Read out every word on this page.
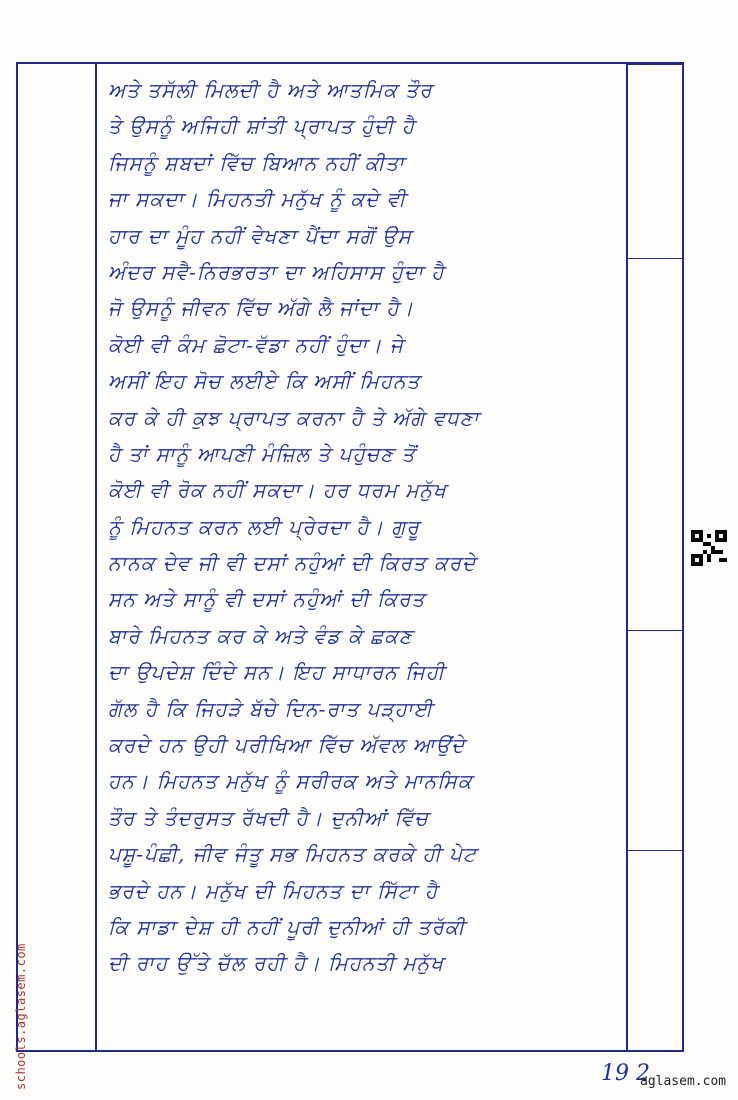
ਅਤੇ ਤਸੱਲੀ ਮਿਲਦੀ ਹੈ ਅਤੇ ਆਤਮਿਕ ਤੌਰ
ਤੇ ਉਸਨੂੰ ਅਜਿਹੀ ਸ਼ਾਂਤੀ ਪ੍ਰਾਪਤ ਹੁੰਦੀ ਹੈ
ਜਿਸਨੂੰ ਸ਼ਬਦਾਂ ਵਿੱਚ ਬਿਆਨ ਨਹੀਂ ਕੀਤਾ
ਜਾ ਸਕਦਾ। ਮਿਹਨਤੀ ਮਨੁੱਖ ਨੂੰ ਕਦੇ ਵੀ
ਹਾਰ ਦਾ ਮੂੰਹ ਨਹੀਂ ਵੇਖਣਾ ਪੈਂਦਾ ਸਗੋਂ ਉਸ
ਅੰਦਰ ਸਵੈ-ਨਿਰਭਰਤਾ ਦਾ ਅਹਿਸਾਸ ਹੁੰਦਾ ਹੈ
ਜੋ ਉਸਨੂੰ ਜੀਵਨ ਵਿੱਚ ਅੱਗੇ ਲੈ ਜਾਂਦਾ ਹੈ।
ਕੋਈ ਵੀ ਕੰਮ ਛੋਟਾ-ਵੱਡਾ ਨਹੀਂ ਹੁੰਦਾ। ਜੇ
ਅਸੀਂ ਇਹ ਸੋਚ ਲਈਏ ਕਿ ਅਸੀਂ ਮਿਹਨਤ
ਕਰ ਕੇ ਹੀ ਕੁਝ ਪ੍ਰਾਪਤ ਕਰਨਾ ਹੈ ਤੇ ਅੱਗੇ ਵਧਣਾ
ਹੈ ਤਾਂ ਸਾਨੂੰ ਆਪਣੀ ਮੰਜ਼ਿਲ ਤੇ ਪਹੁੰਚਣ ਤੋਂ
ਕੋਈ ਵੀ ਰੋਕ ਨਹੀਂ ਸਕਦਾ। ਹਰ ਧਰਮ ਮਨੁੱਖ
ਨੂੰ ਮਿਹਨਤ ਕਰਨ ਲਈ ਪ੍ਰੇਰਦਾ ਹੈ। ਗੁਰੂ
ਨਾਨਕ ਦੇਵ ਜੀ ਵੀ ਦਸਾਂ ਨਹੁੰਆਂ ਦੀ ਕਿਰਤ ਕਰਦੇ
ਸਨ ਅਤੇ ਸਾਨੂੰ ਵੀ ਦਸਾਂ ਨਹੁੰਆਂ ਦੀ ਕਿਰਤ
ਬਾਰੇ ਮਿਹਨਤ ਕਰ ਕੇ ਅਤੇ ਵੰਡ ਕੇ ਛਕਣ
ਦਾ ਉਪਦੇਸ਼ ਦਿੰਦੇ ਸਨ। ਇਹ ਸਾਧਾਰਨ ਜਿਹੀ
ਗੱਲ ਹੈ ਕਿ ਜਿਹੜੇ ਬੱਚੇ ਦਿਨ-ਰਾਤ ਪੜ੍ਹਾਈ
ਕਰਦੇ ਹਨ ਉਹੀ ਪਰੀਖਿਆ ਵਿੱਚ ਅੱਵਲ ਆਉਂਦੇ
ਹਨ। ਮਿਹਨਤ ਮਨੁੱਖ ਨੂੰ ਸਰੀਰਕ ਅਤੇ ਮਾਨਸਿਕ
ਤੌਰ ਤੇ ਤੰਦਰੁਸਤ ਰੱਖਦੀ ਹੈ। ਦੁਨੀਆਂ ਵਿੱਚ
ਪਸ਼ੂ-ਪੰਛੀ, ਜੀਵ ਜੰਤੂ ਸਭ ਮਿਹਨਤ ਕਰਕੇ ਹੀ ਪੇਟ
ਭਰਦੇ ਹਨ। ਮਨੁੱਖ ਦੀ ਮਿਹਨਤ ਦਾ ਸਿੱਟਾ ਹੈ
ਕਿ ਸਾਡਾ ਦੇਸ਼ ਹੀ ਨਹੀਂ ਪੂਰੀ ਦੁਨੀਆਂ ਹੀ ਤਰੱਕੀ
ਦੀ ਰਾਹ ਉੱਤੇ ਚੱਲ ਰਹੀ ਹੈ। ਮਿਹਨਤੀ ਮਨੁੱਖ
19 2
schools.aglasem.com	aglasem.com
